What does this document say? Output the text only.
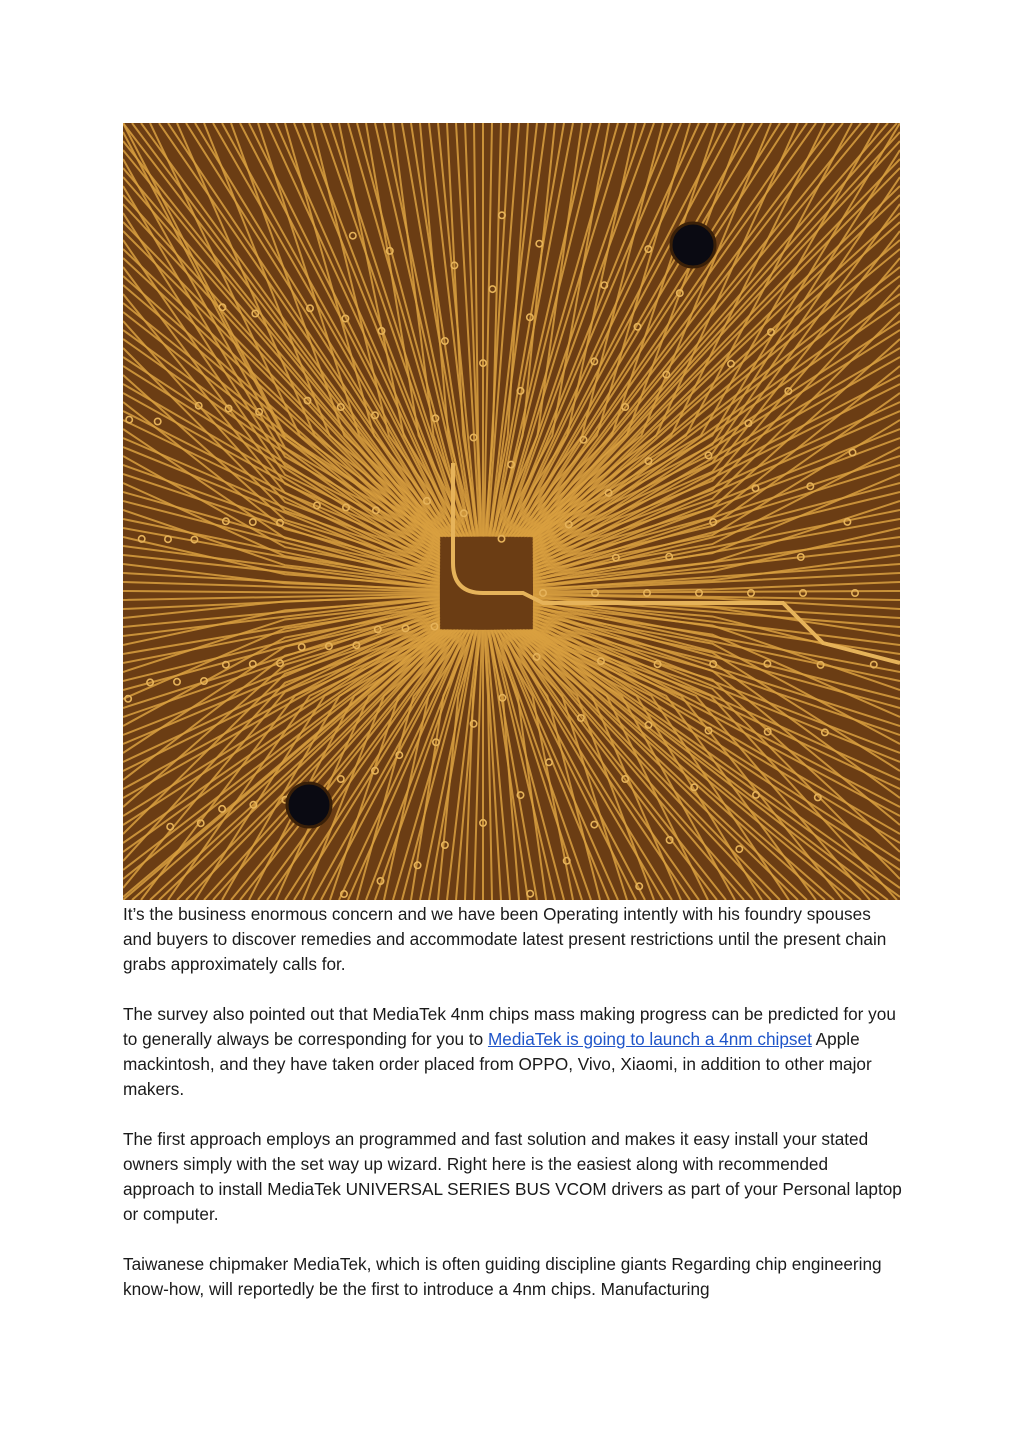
It’s the business enormous concern and we have been Operating intently with his foundry spouses and buyers to discover remedies and accommodate latest present restrictions until the present chain grabs approximately calls for.

The survey also pointed out that MediaTek 4nm chips mass making progress can be predicted for you to generally always be corresponding for you to MediaTek is going to launch a 4nm chipset Apple mackintosh, and they have taken order placed from OPPO, Vivo, Xiaomi, in addition to other major makers.

The first approach employs an programmed and fast solution and makes it easy install your stated owners simply with the set way up wizard. Right here is the easiest along with recommended approach to install MediaTek UNIVERSAL SERIES BUS VCOM drivers as part of your Personal laptop or computer.

Taiwanese chipmaker MediaTek, which is often guiding discipline giants Regarding chip engineering know-how, will reportedly be the first to introduce a 4nm chips. Manufacturing
